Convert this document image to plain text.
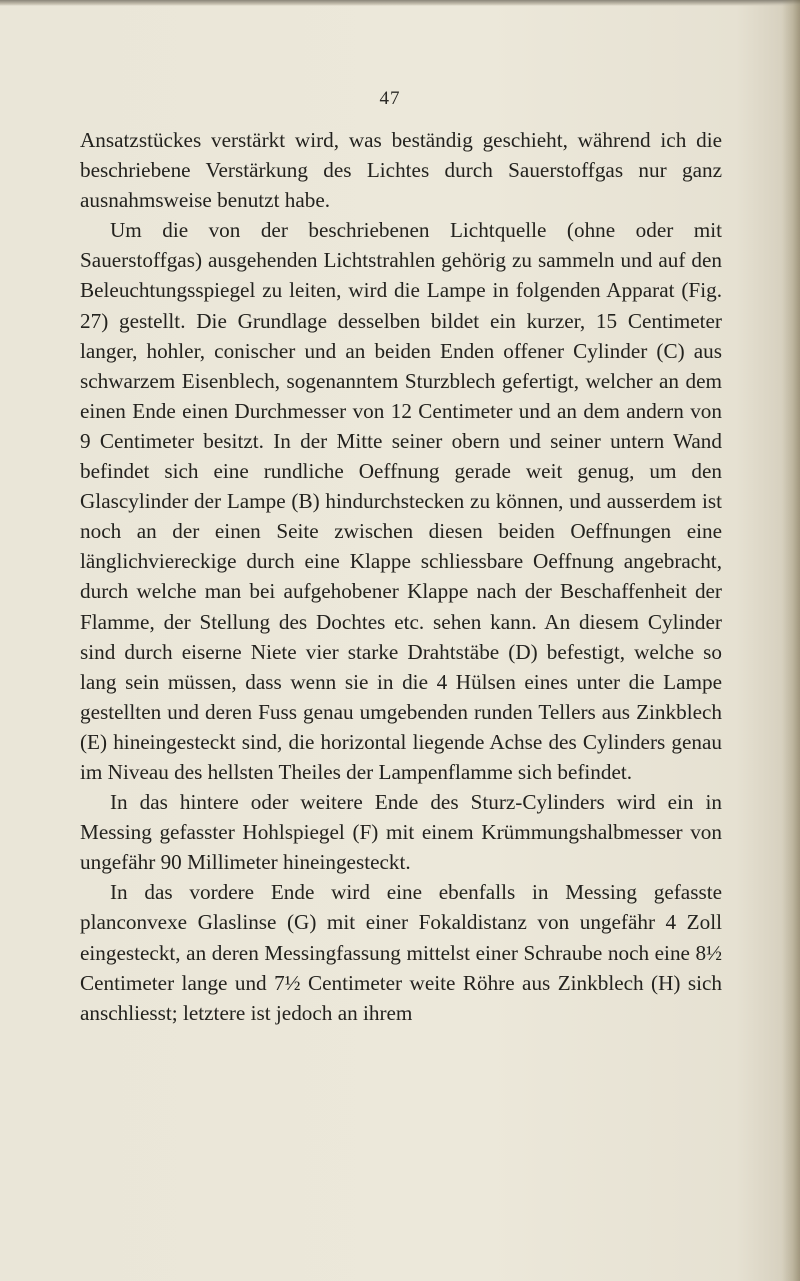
47

Ansatzstückes verstärkt wird, was beständig geschieht, während ich die beschriebene Verstärkung des Lichtes durch Sauerstoffgas nur ganz ausnahmsweise benutzt habe.

Um die von der beschriebenen Lichtquelle (ohne oder mit Sauerstoffgas) ausgehenden Lichtstrahlen gehörig zu sammeln und auf den Beleuchtungsspiegel zu leiten, wird die Lampe in folgenden Apparat (Fig. 27) gestellt. Die Grundlage desselben bildet ein kurzer, 15 Centimeter langer, hohler, conischer und an beiden Enden offener Cylinder (C) aus schwarzem Eisenblech, sogenanntem Sturzblech gefertigt, welcher an dem einen Ende einen Durchmesser von 12 Centimeter und an dem andern von 9 Centimeter besitzt. In der Mitte seiner obern und seiner untern Wand befindet sich eine rundliche Oeffnung gerade weit genug, um den Glascylinder der Lampe (B) hindurchstecken zu können, und ausserdem ist noch an der einen Seite zwischen diesen beiden Oeffnungen eine länglichviereckige durch eine Klappe schliessbare Oeffnung angebracht, durch welche man bei aufgehobener Klappe nach der Beschaffenheit der Flamme, der Stellung des Dochtes etc. sehen kann. An diesem Cylinder sind durch eiserne Niete vier starke Drahtstäbe (D) befestigt, welche so lang sein müssen, dass wenn sie in die 4 Hülsen eines unter die Lampe gestellten und deren Fuss genau umgebenden runden Tellers aus Zinkblech (E) hineingesteckt sind, die horizontal liegende Achse des Cylinders genau im Niveau des hellsten Theiles der Lampenflamme sich befindet.

In das hintere oder weitere Ende des Sturz-Cylinders wird ein in Messing gefasster Hohlspiegel (F) mit einem Krümmungshalbmesser von ungefähr 90 Millimeter hineingesteckt.

In das vordere Ende wird eine ebenfalls in Messing gefasste planconvexe Glaslinse (G) mit einer Fokaldistanz von ungefähr 4 Zoll eingesteckt, an deren Messingfassung mittelst einer Schraube noch eine 8½ Centimeter lange und 7½ Centimeter weite Röhre aus Zinkblech (H) sich anschliesst; letztere ist jedoch an ihrem
